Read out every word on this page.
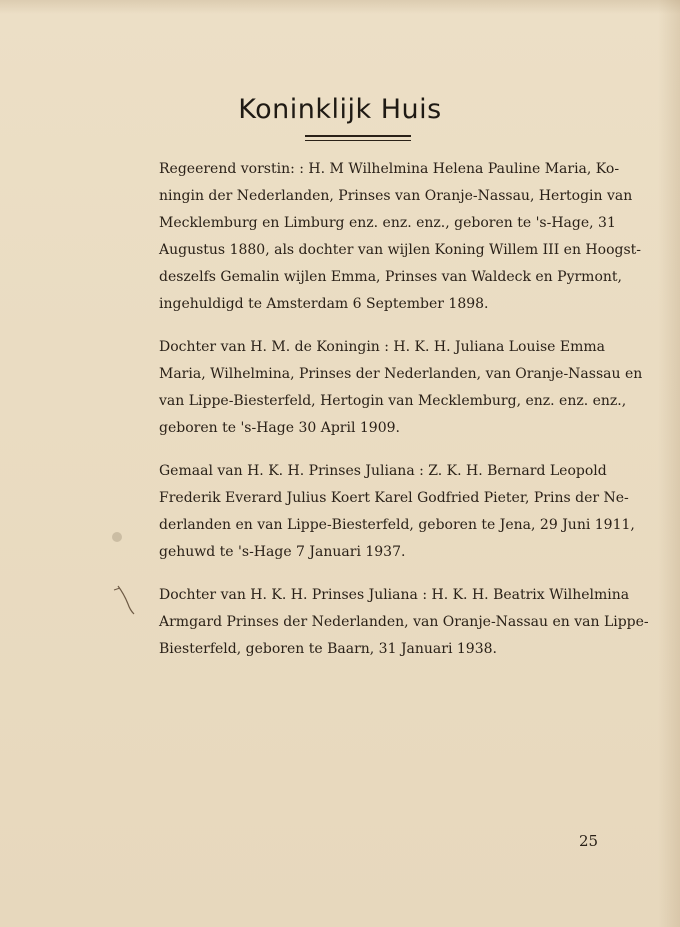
Koninklijk Huis

Regeerend vorstin: : H. M Wilhelmina Helena Pauline Maria, Ko-
ningin der Nederlanden, Prinses van Oranje-Nassau, Hertogin van
Mecklemburg en Limburg enz. enz. enz., geboren te 's-Hage, 31
Augustus 1880, als dochter van wijlen Koning Willem III en Hoogst-
deszelfs Gemalin wijlen Emma, Prinses van Waldeck en Pyrmont,
ingehuldigd te Amsterdam 6 September 1898.

Dochter van H. M. de Koningin : H. K. H. Juliana Louise Emma
Maria, Wilhelmina, Prinses der Nederlanden, van Oranje-Nassau en
van Lippe-Biesterfeld, Hertogin van Mecklemburg, enz. enz. enz.,
geboren te 's-Hage 30 April 1909.

Gemaal van H. K. H. Prinses Juliana : Z. K. H. Bernard Leopold
Frederik Everard Julius Koert Karel Godfried Pieter, Prins der Ne-
derlanden en van Lippe-Biesterfeld, geboren te Jena, 29 Juni 1911,
gehuwd te 's-Hage 7 Januari 1937.

Dochter van H. K. H. Prinses Juliana : H. K. H. Beatrix Wilhelmina
Armgard Prinses der Nederlanden, van Oranje-Nassau en van Lippe-
Biesterfeld, geboren te Baarn, 31 Januari 1938.

25
